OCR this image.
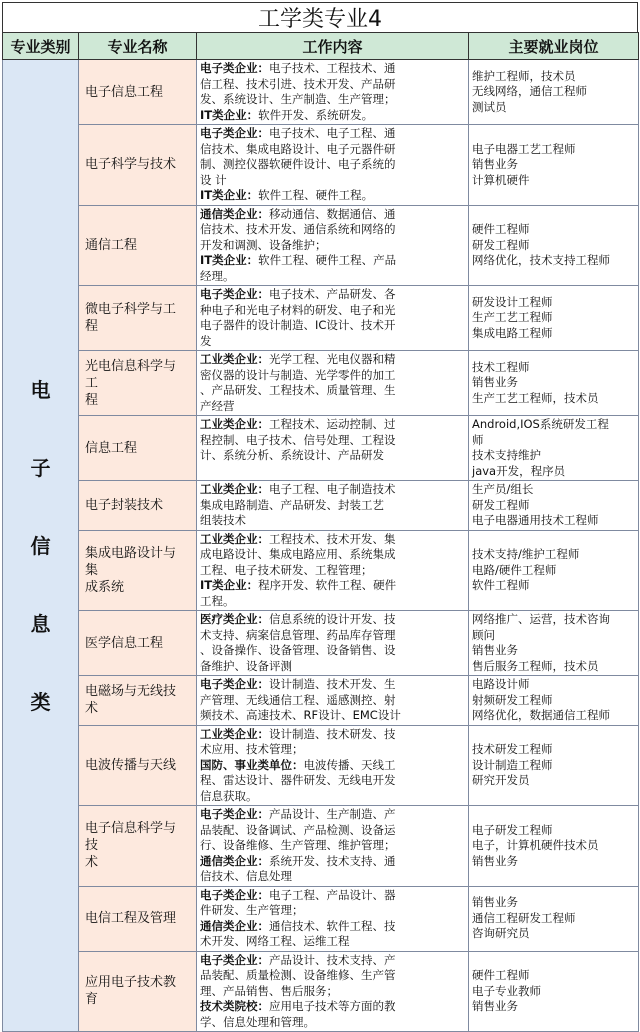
工学类专业4
专业类别	专业名称	工作内容	主要就业岗位

电
子
信
息
类	电子信息工程	电子类企业：电子技术、工程技术、通
信工程、技术引进、技术开发、产品研
发、系统设计、生产制造、生产管理；
IT类企业：软件开发、系统研发。	维护工程师，技术员
无线网络，通信工程师
测试员

	电子科学与技术	电子类企业：电子技术、电子工程、通
信技术、集成电路设计、电子元器件研
制、测控仪器软硬件设计、电子系统的
设 计
IT类企业：软件工程、硬件工程。	电子电器工艺工程师
销售业务
计算机硬件

	通信工程	通信类企业：移动通信、数据通信、通
信技术、技术开发、通信系统和网络的
开发和调测、设备维护；
IT类企业：软件工程、硬件工程、产品
经理。	硬件工程师
研发工程师
网络优化，技术支持工程师

	微电子科学与工
程	电子类企业：电子技术、产品研发、各
种电子和光电子材料的研发、电子和光
电子器件的设计制造、IC设计、技术开
发	研发设计工程师
生产工艺工程师
集成电路工程师

	光电信息科学与
工
程	工业类企业：光学工程、光电仪器和精
密仪器的设计与制造、光学零件的加工
、产品研发、工程技术、质量管理、生
产经营	技术工程师
销售业务
生产工艺工程师，技术员

	信息工程	工业类企业：工程技术、运动控制、过
程控制、电子技术、信号处理、工程设
计、系统分析、系统设计、产品研发	Android,IOS系统研发工程
师
技术支持维护
java开发，程序员

	电子封装技术	工业类企业：电子工程、电子制造技术
集成电路制造、产品研发、封装工艺
组装技术	生产员/组长
研发工程师
电子电器通用技术工程师

	集成电路设计与
集
成系统	工业类企业：工程技术、技术开发、集
成电路设计、集成电路应用、系统集成
工程、电子技术研发、工程管理；
IT类企业：程序开发、软件工程、硬件
工程。	技术支持/维护工程师
电路/硬件工程师
软件工程师

	医学信息工程	医疗类企业：信息系统的设计开发、技
术支持、病案信息管理、药品库存管理
、设备操作、设备管理、设备销售、设
备维护、设备评测	网络推广、运营，技术咨询
顾问
销售业务
售后服务工程师，技术员

	电磁场与无线技
术	电子类企业：设计制造、技术开发、生
产管理、无线通信工程、遥感测控、射
频技术、高速技术、RF设计、EMC设计	电路设计师
射频研发工程师
网络优化，数据通信工程师

	电波传播与天线	工业类企业：设计制造、技术研发、技
术应用、技术管理；
国防、事业类单位：电波传播、天线工
程、雷达设计、器件研发、无线电开发
信息获取。	技术研发工程师
设计制造工程师
研究开发员

	电子信息科学与
技
术	电子类企业：产品设计、生产制造、产
品装配、设备调试、产品检测、设备运
行、设备维修、生产管理、维护管理；
通信类企业：系统开发、技术支持、通
信技术、信息处理	电子研发工程师
电子，计算机硬件技术员
销售业务

	电信工程及管理	电子类企业：电子工程、产品设计、器
件研发、生产管理；
通信类企业：通信技术、软件工程、技
术开发、网络工程、运维工程	销售业务
通信工程研发工程师
咨询研究员

	应用电子技术教
育	电子类企业：产品设计、技术支持、产
品装配、质量检测、设备维修、生产管
理、产品销售、售后服务；
技术类院校：应用电子技术等方面的教
学、信息处理和管理。	硬件工程师
电子专业教师
销售业务
